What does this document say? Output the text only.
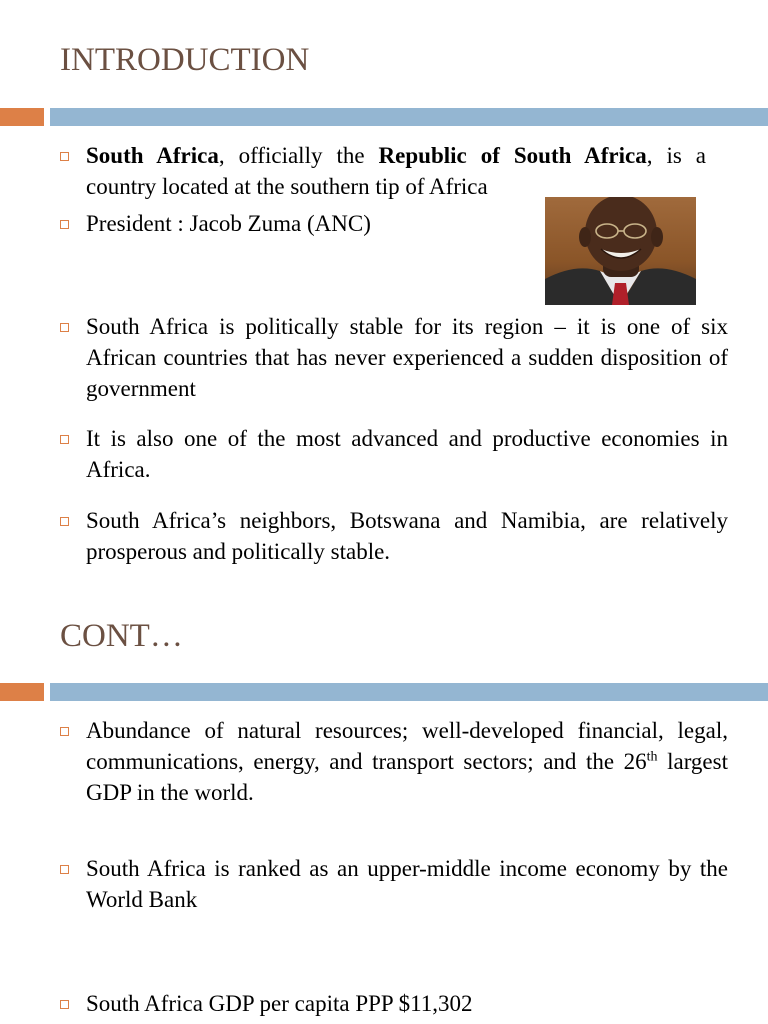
INTRODUCTION
South Africa, officially the Republic of South Africa, is a country located at the southern tip of Africa
President : Jacob Zuma (ANC)
South Africa is politically stable for its region – it is one of six African countries that has never experienced a sudden disposition of government
It is also one of the most advanced and productive economies in Africa.
South Africa’s neighbors, Botswana and Namibia, are relatively prosperous and politically stable.
CONT…
Abundance of natural resources; well-developed financial, legal, communications, energy, and transport sectors; and the 26th largest GDP in the world.
South Africa is ranked as an upper-middle income economy by the World Bank
South Africa GDP per capita PPP $11,302
